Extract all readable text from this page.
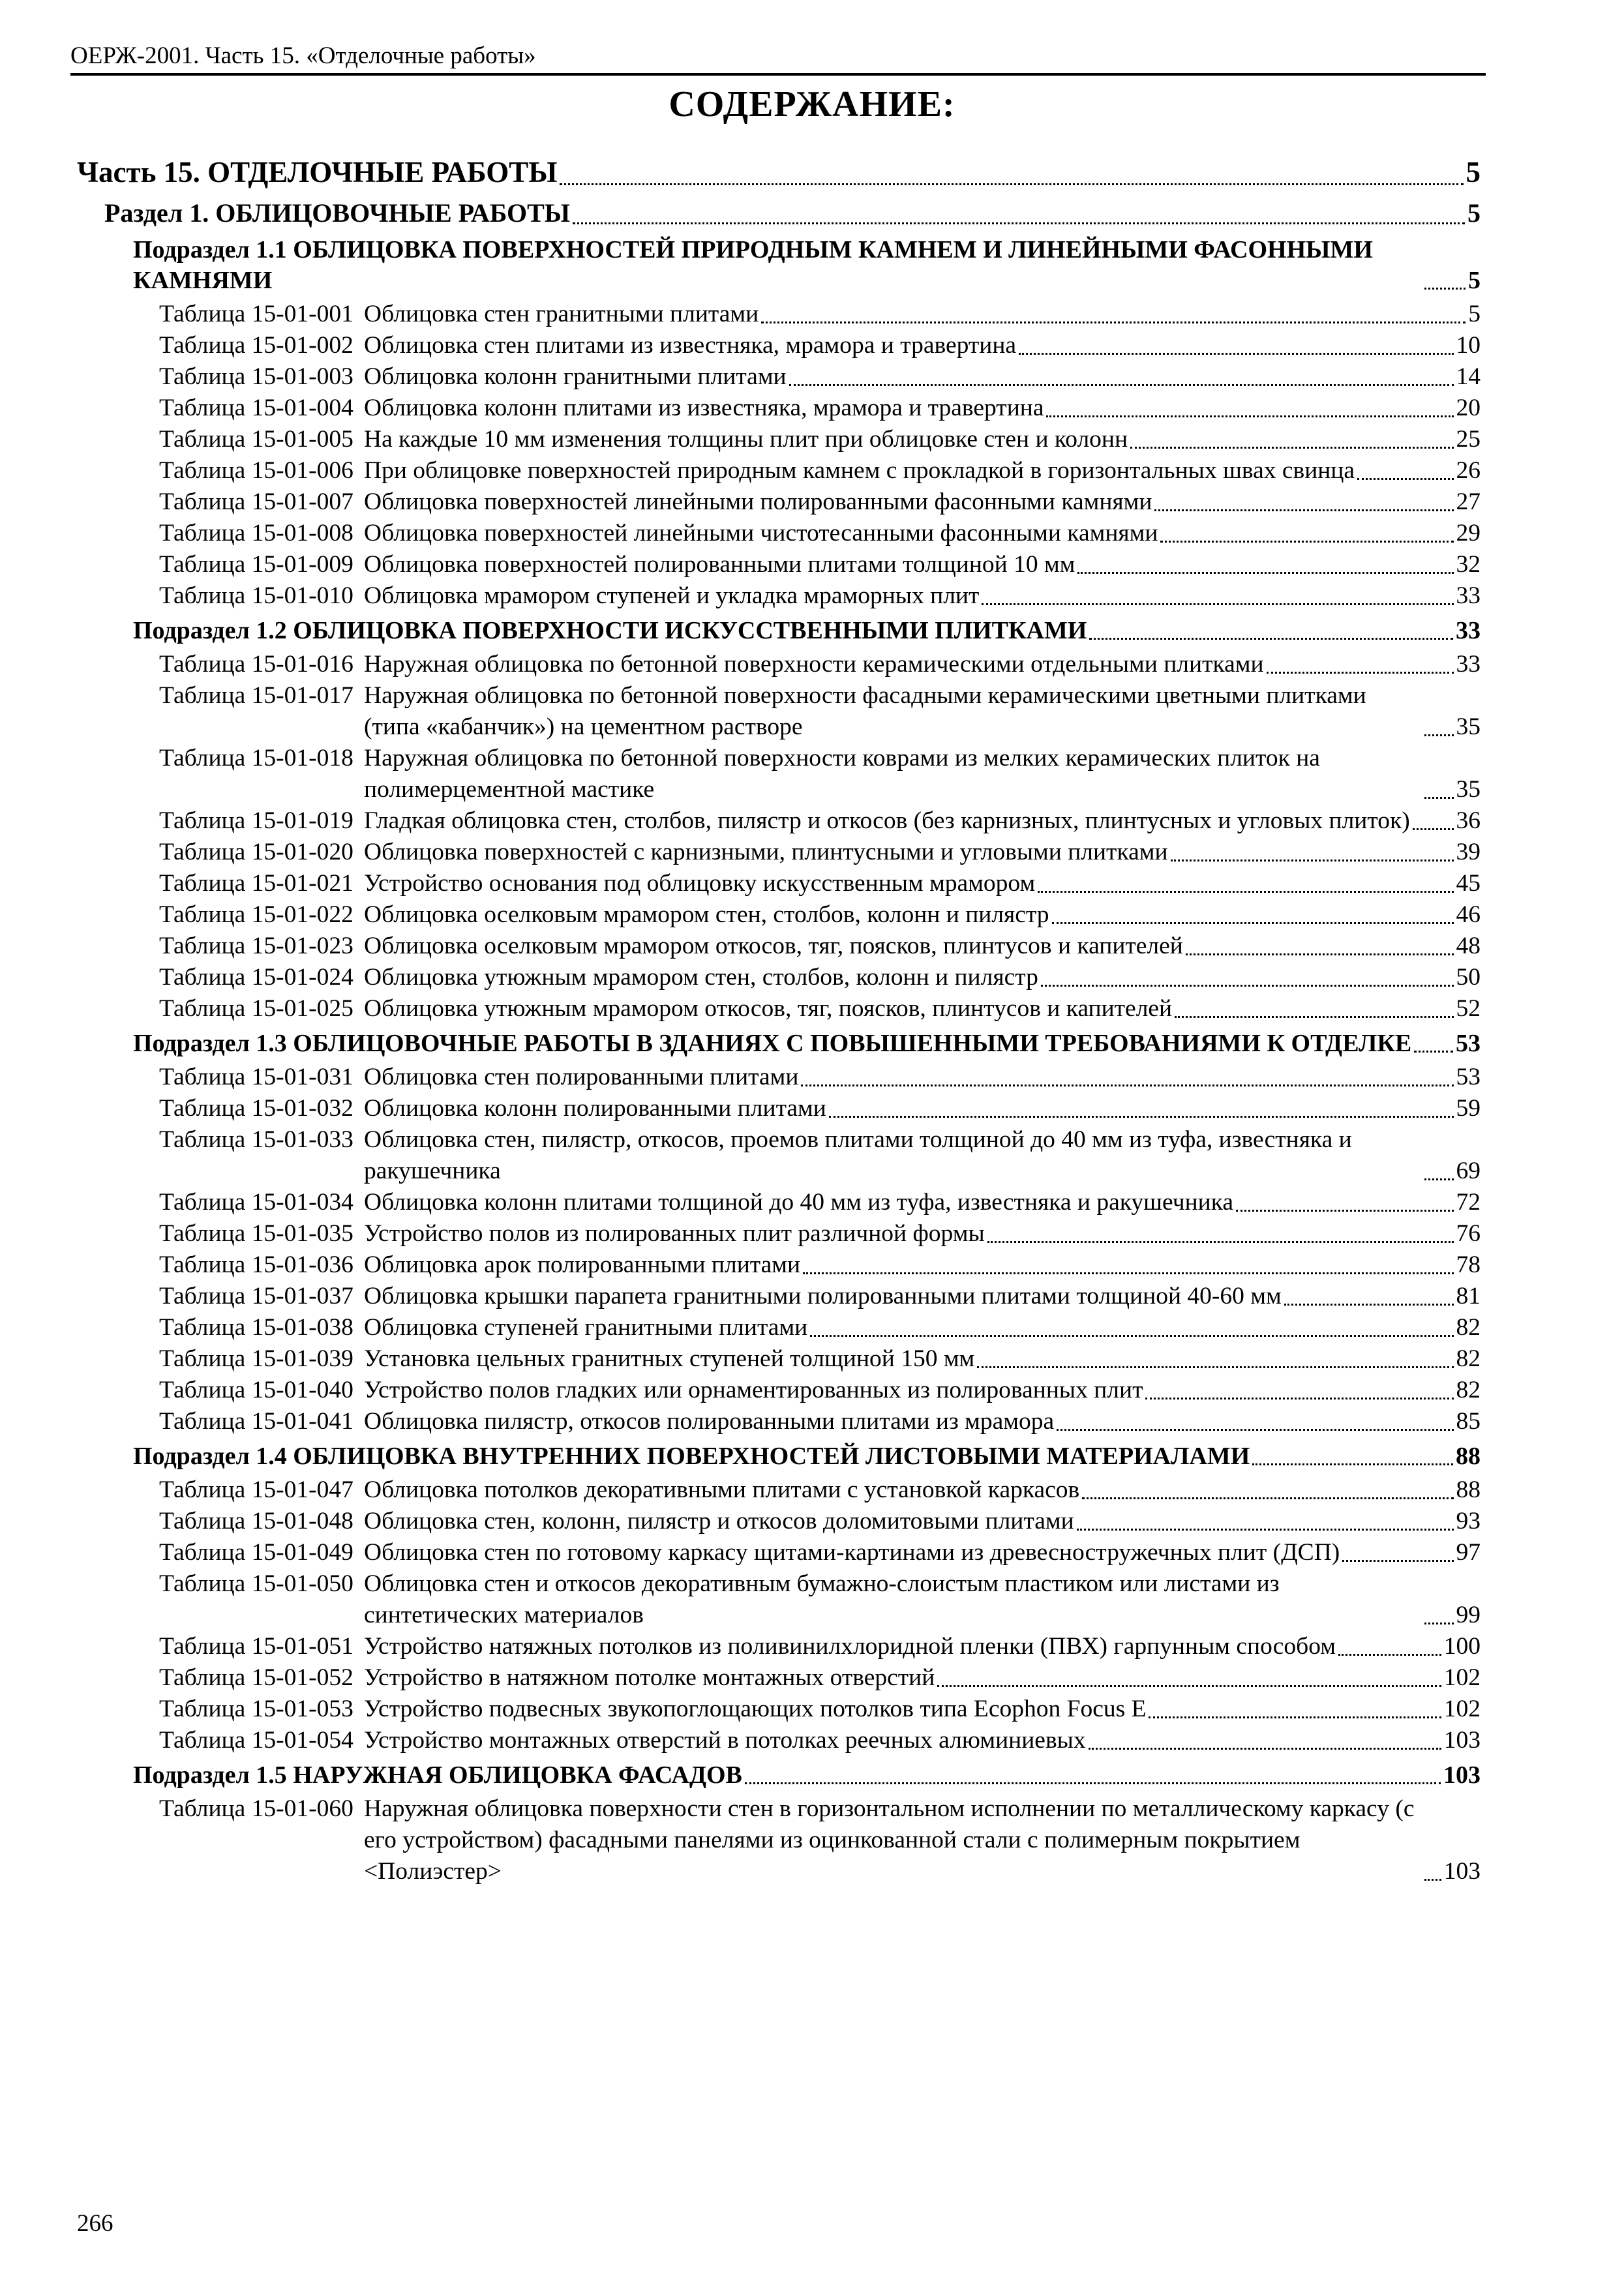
ОЕРЖ-2001. Часть 15. «Отделочные работы»
СОДЕРЖАНИЕ:
Часть 15. ОТДЕЛОЧНЫЕ РАБОТЫ	5
Раздел 1. ОБЛИЦОВОЧНЫЕ РАБОТЫ	5
Подраздел 1.1 ОБЛИЦОВКА ПОВЕРХНОСТЕЙ ПРИРОДНЫМ КАМНЕМ И ЛИНЕЙНЫМИ ФАСОННЫМИ КАМНЯМИ	5
Таблица 15-01-001 Облицовка стен гранитными плитами	5
Таблица 15-01-002 Облицовка стен плитами из известняка, мрамора и травертина	10
Таблица 15-01-003 Облицовка колонн гранитными плитами	14
Таблица 15-01-004 Облицовка колонн плитами из известняка, мрамора и травертина	20
Таблица 15-01-005 На каждые 10 мм изменения толщины плит при облицовке стен и колонн	25
Таблица 15-01-006 При облицовке поверхностей природным камнем с прокладкой в горизонтальных швах свинца	26
Таблица 15-01-007 Облицовка поверхностей линейными полированными фасонными камнями	27
Таблица 15-01-008 Облицовка поверхностей линейными чистотесанными фасонными камнями	29
Таблица 15-01-009 Облицовка поверхностей полированными плитами толщиной 10 мм	32
Таблица 15-01-010 Облицовка мрамором ступеней и укладка мраморных плит	33
Подраздел 1.2 ОБЛИЦОВКА ПОВЕРХНОСТИ ИСКУССТВЕННЫМИ ПЛИТКАМИ	33
Таблица 15-01-016 Наружная облицовка по бетонной поверхности керамическими отдельными плитками	33
Таблица 15-01-017 Наружная облицовка по бетонной поверхности фасадными керамическими цветными плитками (типа «кабанчик») на цементном растворе	35
Таблица 15-01-018 Наружная облицовка по бетонной поверхности коврами из мелких керамических плиток на полимерцементной мастике	35
Таблица 15-01-019 Гладкая облицовка стен, столбов, пилястр и откосов (без карнизных, плинтусных и угловых плиток) 36
Таблица 15-01-020 Облицовка поверхностей с карнизными, плинтусными и угловыми плитками	39
Таблица 15-01-021 Устройство основания под облицовку искусственным мрамором	45
Таблица 15-01-022 Облицовка оселковым мрамором стен, столбов, колонн и пилястр	46
Таблица 15-01-023 Облицовка оселковым мрамором откосов, тяг, поясков, плинтусов и капителей	48
Таблица 15-01-024 Облицовка утюжным мрамором стен, столбов, колонн и пилястр	50
Таблица 15-01-025 Облицовка утюжным мрамором откосов, тяг, поясков, плинтусов и капителей	52
Подраздел 1.3 ОБЛИЦОВОЧНЫЕ РАБОТЫ В ЗДАНИЯХ С ПОВЫШЕННЫМИ ТРЕБОВАНИЯМИ К ОТДЕЛКЕ 53
Таблица 15-01-031 Облицовка стен полированными плитами	53
Таблица 15-01-032 Облицовка колонн полированными плитами	59
Таблица 15-01-033 Облицовка стен, пилястр, откосов, проемов плитами толщиной до 40 мм из туфа, известняка и ракушечника	69
Таблица 15-01-034 Облицовка колонн плитами толщиной до 40 мм из туфа, известняка и ракушечника	72
Таблица 15-01-035 Устройство полов из полированных плит различной формы	76
Таблица 15-01-036 Облицовка арок полированными плитами	78
Таблица 15-01-037 Облицовка крышки парапета гранитными полированными плитами толщиной 40-60 мм	81
Таблица 15-01-038 Облицовка ступеней гранитными плитами	82
Таблица 15-01-039 Установка цельных гранитных ступеней толщиной 150 мм	82
Таблица 15-01-040 Устройство полов гладких или орнаментированных из полированных плит	82
Таблица 15-01-041 Облицовка пилястр, откосов полированными плитами из мрамора	85
Подраздел 1.4 ОБЛИЦОВКА ВНУТРЕННИХ ПОВЕРХНОСТЕЙ ЛИСТОВЫМИ МАТЕРИАЛАМИ	88
Таблица 15-01-047 Облицовка потолков декоративными плитами с установкой каркасов	88
Таблица 15-01-048 Облицовка стен, колонн, пилястр и откосов доломитовыми плитами	93
Таблица 15-01-049 Облицовка стен по готовому каркасу щитами-картинами из древесностружечных плит (ДСП)	97
Таблица 15-01-050 Облицовка стен и откосов декоративным бумажно-слоистым пластиком или листами из синтетических материалов	99
Таблица 15-01-051 Устройство натяжных потолков из поливинилхлоридной пленки (ПВХ) гарпунным способом	100
Таблица 15-01-052 Устройство в натяжном потолке монтажных отверстий	102
Таблица 15-01-053 Устройство подвесных звукопоглощающих потолков типа Ecophon Focus E	102
Таблица 15-01-054 Устройство монтажных отверстий в потолках реечных алюминиевых	103
Подраздел 1.5 НАРУЖНАЯ ОБЛИЦОВКА ФАСАДОВ	103
Таблица 15-01-060 Наружная облицовка поверхности стен в горизонтальном исполнении по металлическому каркасу (с его устройством) фасадными панелями из оцинкованной стали с полимерным покрытием <Полиэстер>	103
266
